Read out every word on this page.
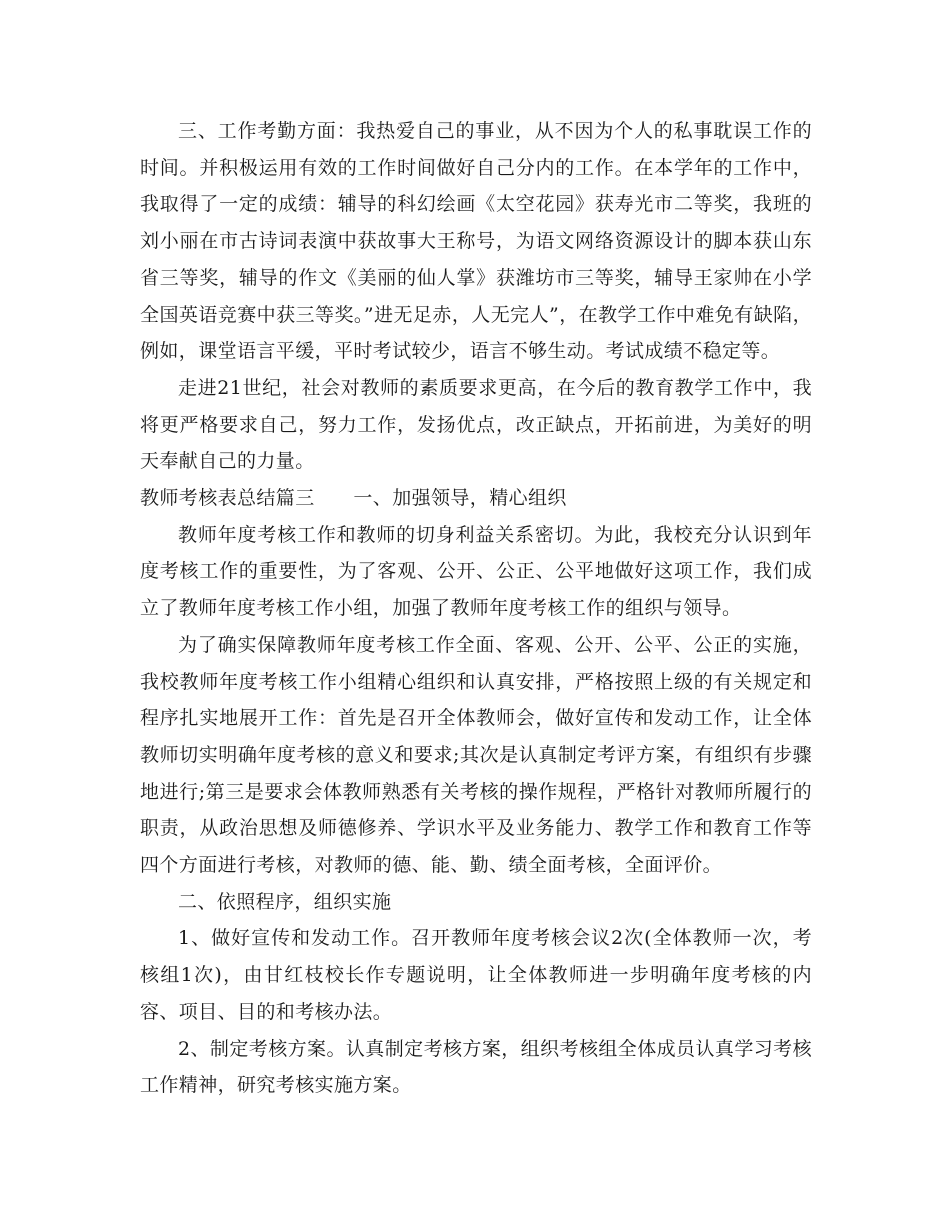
三、工作考勤方面：我热爱自己的事业，从不因为个人的私事耽误工作的时间。并积极运用有效的工作时间做好自己分内的工作。在本学年的工作中，我取得了一定的成绩：辅导的科幻绘画《太空花园》获寿光市二等奖，我班的刘小丽在市古诗词表演中获故事大王称号，为语文网络资源设计的脚本获山东省三等奖，辅导的作文《美丽的仙人掌》获潍坊市三等奖，辅导王家帅在小学全国英语竞赛中获三等奖。”进无足赤，人无完人”，在教学工作中难免有缺陷，例如，课堂语言平缓，平时考试较少，语言不够生动。考试成绩不稳定等。

走进21世纪，社会对教师的素质要求更高，在今后的教育教学工作中，我将更严格要求自己，努力工作，发扬优点，改正缺点，开拓前进，为美好的明天奉献自己的力量。

教师考核表总结篇三　　一、加强领导，精心组织

教师年度考核工作和教师的切身利益关系密切。为此，我校充分认识到年度考核工作的重要性，为了客观、公开、公正、公平地做好这项工作，我们成立了教师年度考核工作小组，加强了教师年度考核工作的组织与领导。

为了确实保障教师年度考核工作全面、客观、公开、公平、公正的实施，我校教师年度考核工作小组精心组织和认真安排，严格按照上级的有关规定和程序扎实地展开工作：首先是召开全体教师会，做好宣传和发动工作，让全体教师切实明确年度考核的意义和要求;其次是认真制定考评方案，有组织有步骤地进行;第三是要求会体教师熟悉有关考核的操作规程，严格针对教师所履行的职责，从政治思想及师德修养、学识水平及业务能力、教学工作和教育工作等四个方面进行考核，对教师的德、能、勤、绩全面考核，全面评价。

二、依照程序，组织实施

1、做好宣传和发动工作。召开教师年度考核会议2次(全体教师一次，考核组1次)，由甘红枝校长作专题说明，让全体教师进一步明确年度考核的内容、项目、目的和考核办法。

2、制定考核方案。认真制定考核方案，组织考核组全体成员认真学习考核工作精神，研究考核实施方案。
